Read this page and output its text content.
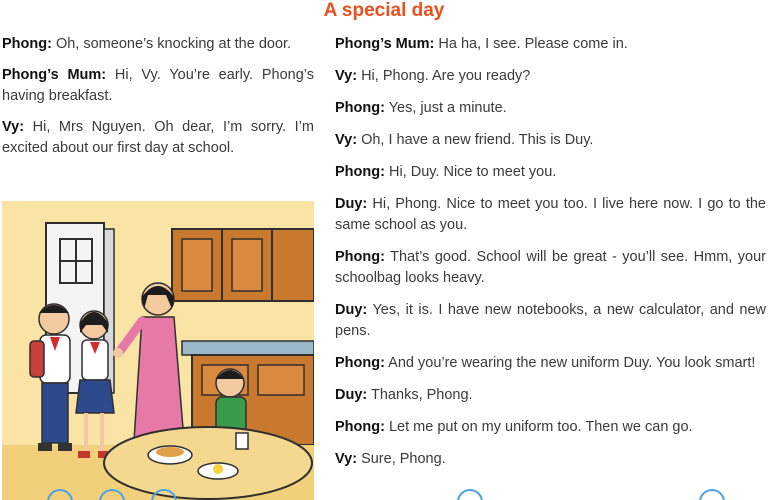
A special day

Phong: Oh, someone’s knocking at the door.

Phong’s Mum: Hi, Vy. You’re early. Phong’s having breakfast.

Vy: Hi, Mrs Nguyen. Oh dear, I’m sorry. I’m excited about our first day at school.

Phong’s Mum: Ha ha, I see. Please come in.

Vy: Hi, Phong. Are you ready?

Phong: Yes, just a minute.

Vy: Oh, I have a new friend. This is Duy.

Phong: Hi, Duy. Nice to meet you.

Duy: Hi, Phong. Nice to meet you too. I live here now. I go to the same school as you.

Phong: That’s good. School will be great - you’ll see. Hmm, your schoolbag looks heavy.

Duy: Yes, it is. I have new notebooks, a new calculator, and new pens.

Phong: And you’re wearing the new uniform Duy. You look smart!

Duy: Thanks, Phong.

Phong: Let me put on my uniform too. Then we can go.

Vy: Sure, Phong.
